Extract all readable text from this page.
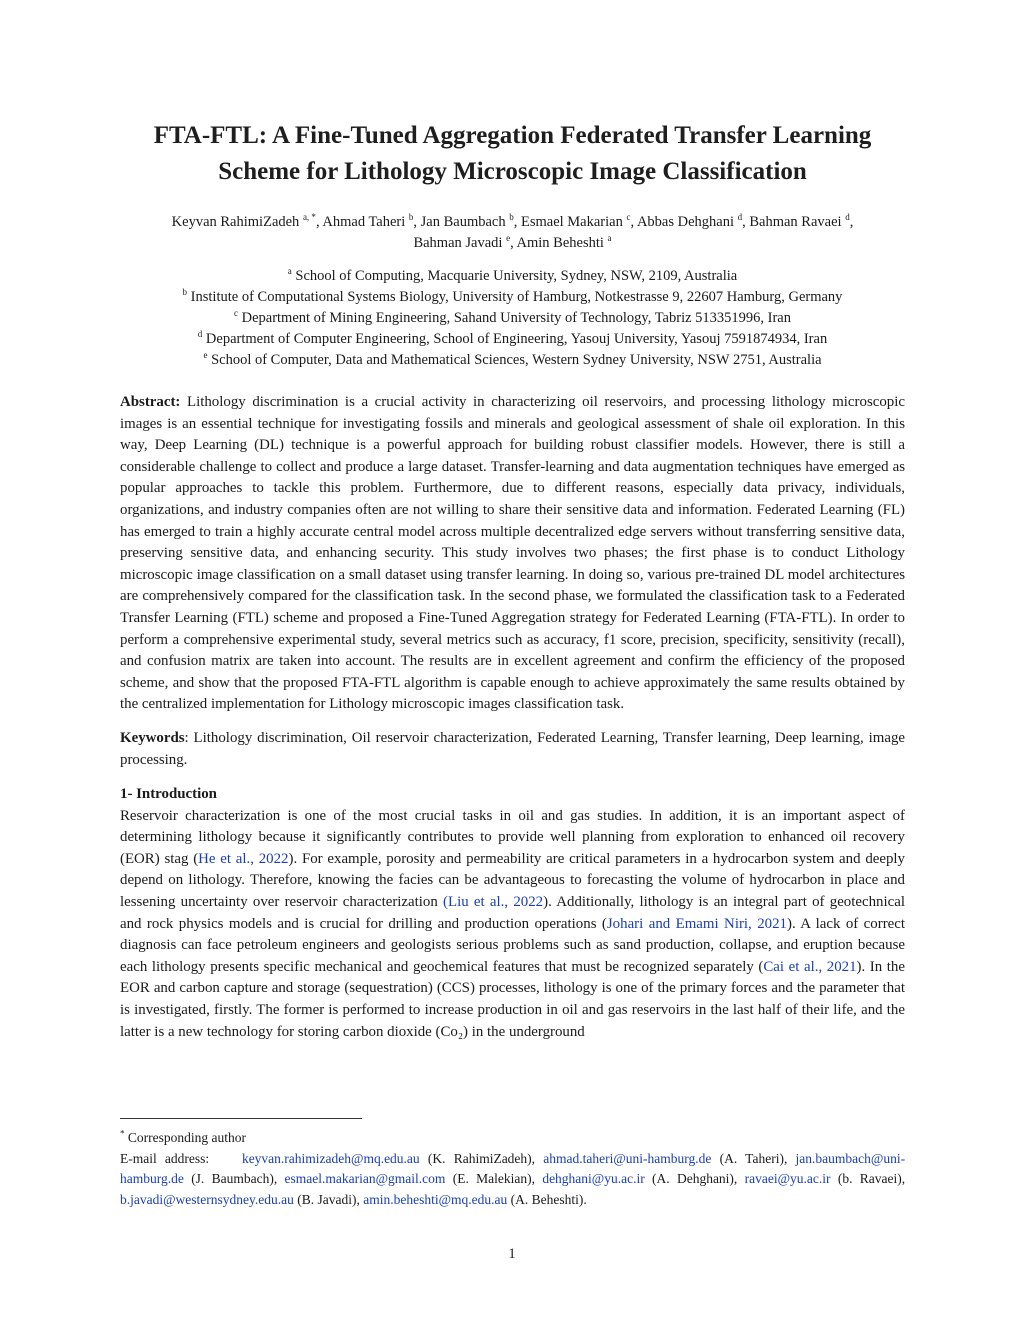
FTA-FTL: A Fine-Tuned Aggregation Federated Transfer Learning
Scheme for Lithology Microscopic Image Classification
Keyvan RahimiZadeh $^{a, *}$, Ahmad Taheri $^b$, Jan Baumbach $^b$, Esmael Makarian $^c$, Abbas Dehghani $^d$, Bahman Ravaei $^d$,
Bahman Javadi $^e$, Amin Beheshti $^a$
$^a$ School of Computing, Macquarie University, Sydney, NSW, 2109, Australia
$^b$ Institute of Computational Systems Biology, University of Hamburg, Notkestrasse 9, 22607 Hamburg, Germany
$^c$ Department of Mining Engineering, Sahand University of Technology, Tabriz 513351996, Iran
$^d$ Department of Computer Engineering, School of Engineering, Yasouj University, Yasouj 7591874934, Iran
$^e$ School of Computer, Data and Mathematical Sciences, Western Sydney University, NSW 2751, Australia

Abstract: Lithology discrimination is a crucial activity in characterizing oil reservoirs, and processing lithology microscopic images is an essential technique for investigating fossils and minerals and geological assessment of shale oil exploration. In this way, Deep Learning (DL) technique is a powerful approach for building robust classifier models. However, there is still a considerable challenge to collect and produce a large dataset. Transfer-learning and data augmentation techniques have emerged as popular approaches to tackle this problem. Furthermore, due to different reasons, especially data privacy, individuals, organizations, and industry companies often are not willing to share their sensitive data and information. Federated Learning (FL) has emerged to train a highly accurate central model across multiple decentralized edge servers without transferring sensitive data, preserving sensitive data, and enhancing security. This study involves two phases; the first phase is to conduct Lithology microscopic image classification on a small dataset using transfer learning. In doing so, various pre-trained DL model architectures are comprehensively compared for the classification task. In the second phase, we formulated the classification task to a Federated Transfer Learning (FTL) scheme and proposed a Fine-Tuned Aggregation strategy for Federated Learning (FTA-FTL). In order to perform a comprehensive experimental study, several metrics such as accuracy, f1 score, precision, specificity, sensitivity (recall), and confusion matrix are taken into account. The results are in excellent agreement and confirm the efficiency of the proposed scheme, and show that the proposed FTA-FTL algorithm is capable enough to achieve approximately the same results obtained by the centralized implementation for Lithology microscopic images classification task.

Keywords: Lithology discrimination, Oil reservoir characterization, Federated Learning, Transfer learning, Deep learning, image processing.

1- Introduction

Reservoir characterization is one of the most crucial tasks in oil and gas studies. In addition, it is an important aspect of determining lithology because it significantly contributes to provide well planning from exploration to enhanced oil recovery (EOR) stag (He et al., 2022). For example, porosity and permeability are critical parameters in a hydrocarbon system and deeply depend on lithology. Therefore, knowing the facies can be advantageous to forecasting the volume of hydrocarbon in place and lessening uncertainty over reservoir characterization (Liu et al., 2022). Additionally, lithology is an integral part of geotechnical and rock physics models and is crucial for drilling and production operations (Johari and Emami Niri, 2021). A lack of correct diagnosis can face petroleum engineers and geologists serious problems such as sand production, collapse, and eruption because each lithology presents specific mechanical and geochemical features that must be recognized separately (Cai et al., 2021). In the EOR and carbon capture and storage (sequestration) (CCS) processes, lithology is one of the primary forces and the parameter that is investigated, firstly. The former is performed to increase production in oil and gas reservoirs in the last half of their life, and the latter is a new technology for storing carbon dioxide (Co₂) in the underground

* Corresponding author
E-mail address: keyvan.rahimizadeh@mq.edu.au (K. RahimiZadeh), ahmad.taheri@uni-hamburg.de (A. Taheri), jan.baumbach@uni-hamburg.de (J. Baumbach), esmael.makarian@gmail.com (E. Malekian), dehghani@yu.ac.ir (A. Dehghani), ravaei@yu.ac.ir (b. Ravaei), b.javadi@westernsydney.edu.au (B. Javadi), amin.beheshti@mq.edu.au (A. Beheshti).
1
